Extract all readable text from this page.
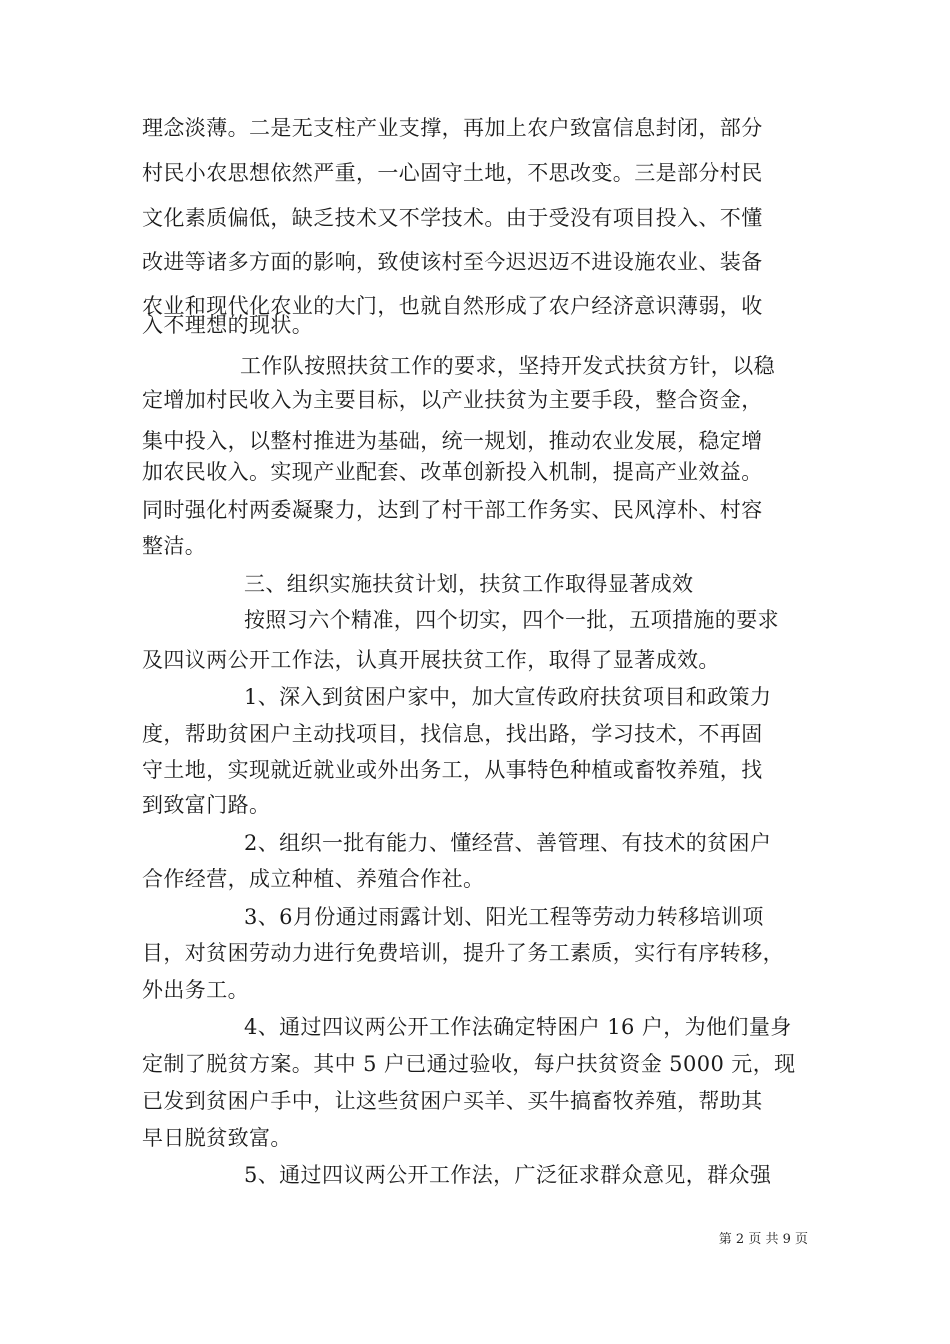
理念淡薄。二是无支柱产业支撑，再加上农户致富信息封闭，部分
村民小农思想依然严重，一心固守土地，不思改变。三是部分村民
文化素质偏低，缺乏技术又不学技术。由于受没有项目投入、不懂
改进等诸多方面的影响，致使该村至今迟迟迈不进设施农业、装备
农业和现代化农业的大门，也就自然形成了农户经济意识薄弱，收
入不理想的现状。
工作队按照扶贫工作的要求，坚持开发式扶贫方针，以稳
定增加村民收入为主要目标，以产业扶贫为主要手段，整合资金，
集中投入，以整村推进为基础，统一规划，推动农业发展，稳定增
加农民收入。实现产业配套、改革创新投入机制，提高产业效益。
同时强化村两委凝聚力，达到了村干部工作务实、民风淳朴、村容
整洁。
三、组织实施扶贫计划，扶贫工作取得显著成效
按照习六个精准，四个切实，四个一批，五项措施的要求
及四议两公开工作法，认真开展扶贫工作，取得了显著成效。
1、深入到贫困户家中，加大宣传政府扶贫项目和政策力
度，帮助贫困户主动找项目，找信息，找出路，学习技术，不再固
守土地，实现就近就业或外出务工，从事特色种植或畜牧养殖，找
到致富门路。
2、组织一批有能力、懂经营、善管理、有技术的贫困户
合作经营，成立种植、养殖合作社。
3、6月份通过雨露计划、阳光工程等劳动力转移培训项
目，对贫困劳动力进行免费培训，提升了务工素质，实行有序转移，
外出务工。
4、通过四议两公开工作法确定特困户 16 户，为他们量身
定制了脱贫方案。其中 5 户已通过验收，每户扶贫资金 5000 元，现
已发到贫困户手中，让这些贫困户买羊、买牛搞畜牧养殖，帮助其
早日脱贫致富。
5、通过四议两公开工作法，广泛征求群众意见，群众强
第 2 页 共 9 页
